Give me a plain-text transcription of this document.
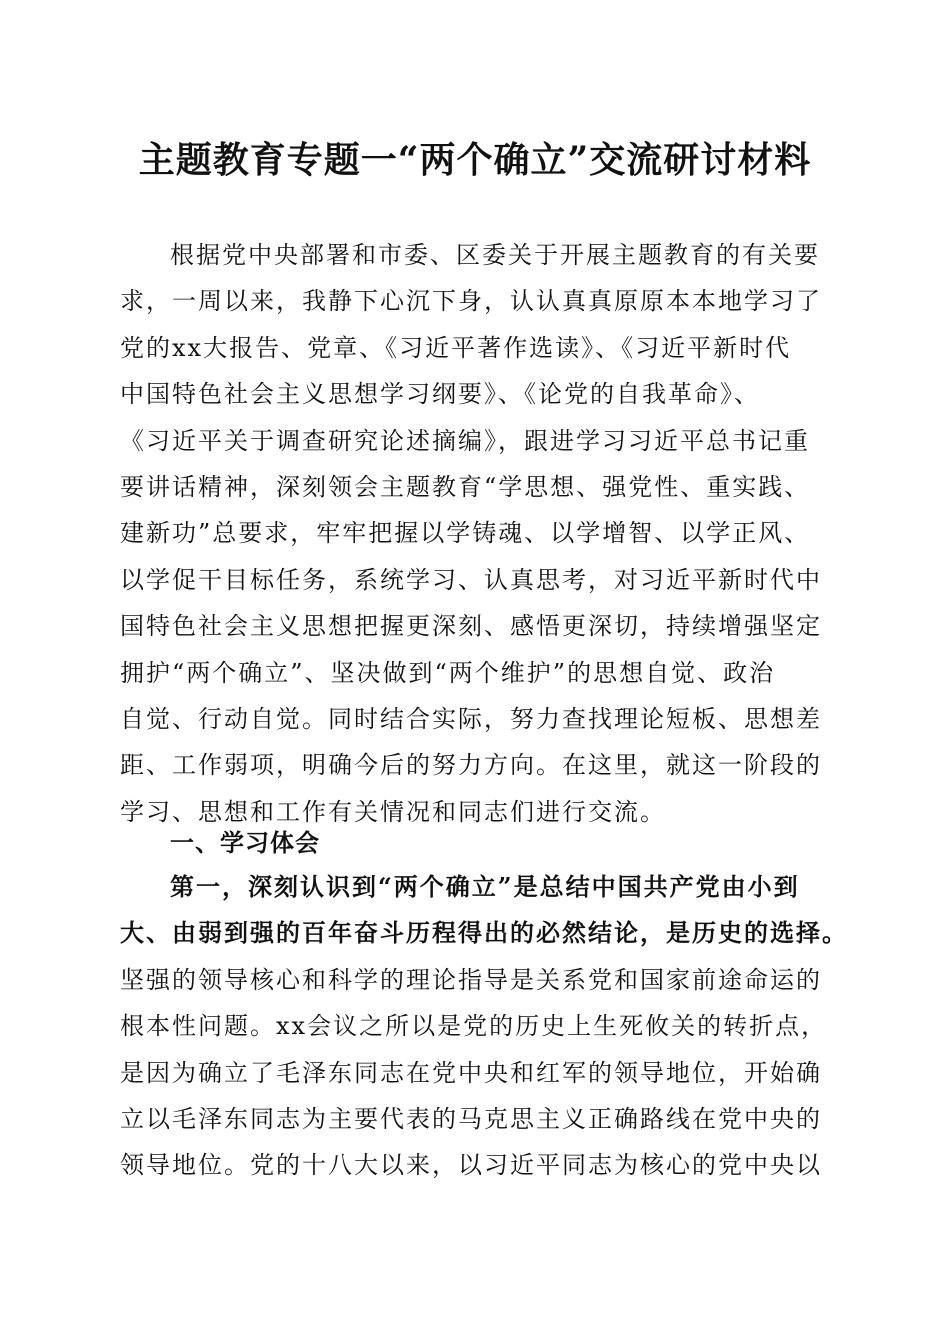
主题教育专题一“两个确立”交流研讨材料
根据党中央部署和市委、区委关于开展主题教育的有关要
求，一周以来，我静下心沉下身，认认真真原原本本地学习了
党的xx大报告、党章、《习近平著作选读》、《习近平新时代
中国特色社会主义思想学习纲要》、《论党的自我革命》、
《习近平关于调查研究论述摘编》，跟进学习习近平总书记重
要讲话精神，深刻领会主题教育“学思想、强党性、重实践、
建新功”总要求，牢牢把握以学铸魂、以学增智、以学正风、
以学促干目标任务，系统学习、认真思考，对习近平新时代中
国特色社会主义思想把握更深刻、感悟更深切，持续增强坚定
拥护“两个确立”、坚决做到“两个维护”的思想自觉、政治
自觉、行动自觉。同时结合实际，努力查找理论短板、思想差
距、工作弱项，明确今后的努力方向。在这里，就这一阶段的
学习、思想和工作有关情况和同志们进行交流。
一、学习体会
第一，深刻认识到“两个确立”是总结中国共产党由小到
大、由弱到强的百年奋斗历程得出的必然结论，是历史的选择。
坚强的领导核心和科学的理论指导是关系党和国家前途命运的
根本性问题。xx会议之所以是党的历史上生死攸关的转折点，
是因为确立了毛泽东同志在党中央和红军的领导地位，开始确
立以毛泽东同志为主要代表的马克思主义正确路线在党中央的
领导地位。党的十八大以来，以习近平同志为核心的党中央以
